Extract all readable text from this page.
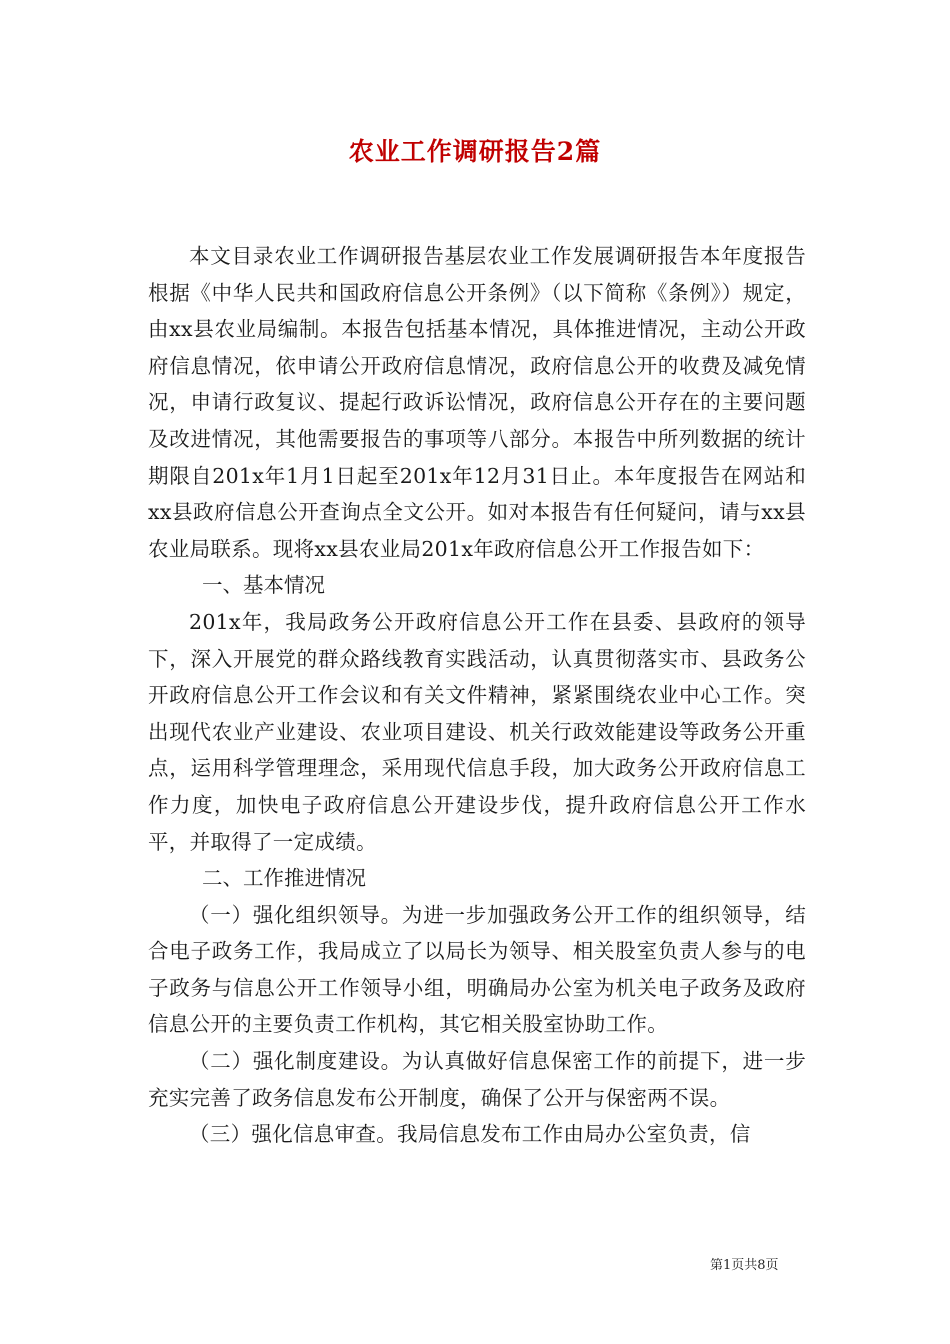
农业工作调研报告2篇

本文目录农业工作调研报告基层农业工作发展调研报告本年度报告根据《中华人民共和国政府信息公开条例》（以下简称《条例》）规定，由xx县农业局编制。本报告包括基本情况，具体推进情况，主动公开政府信息情况，依申请公开政府信息情况，政府信息公开的收费及减免情况，申请行政复议、提起行政诉讼情况，政府信息公开存在的主要问题及改进情况，其他需要报告的事项等八部分。本报告中所列数据的统计期限自201x年1月1日起至201x年12月31日止。本年度报告在网站和xx县政府信息公开查询点全文公开。如对本报告有任何疑问，请与xx县农业局联系。现将xx县农业局201x年政府信息公开工作报告如下：

一、基本情况

201x年，我局政务公开政府信息公开工作在县委、县政府的领导下，深入开展党的群众路线教育实践活动，认真贯彻落实市、县政务公开政府信息公开工作会议和有关文件精神，紧紧围绕农业中心工作。突出现代农业产业建设、农业项目建设、机关行政效能建设等政务公开重点，运用科学管理理念，采用现代信息手段，加大政务公开政府信息工作力度，加快电子政府信息公开建设步伐，提升政府信息公开工作水平，并取得了一定成绩。

二、工作推进情况

（一）强化组织领导。为进一步加强政务公开工作的组织领导，结合电子政务工作，我局成立了以局长为领导、相关股室负责人参与的电子政务与信息公开工作领导小组，明确局办公室为机关电子政务及政府信息公开的主要负责工作机构，其它相关股室协助工作。

（二）强化制度建设。为认真做好信息保密工作的前提下，进一步充实完善了政务信息发布公开制度，确保了公开与保密两不误。

（三）强化信息审查。我局信息发布工作由局办公室负责，信

第1页共8页
